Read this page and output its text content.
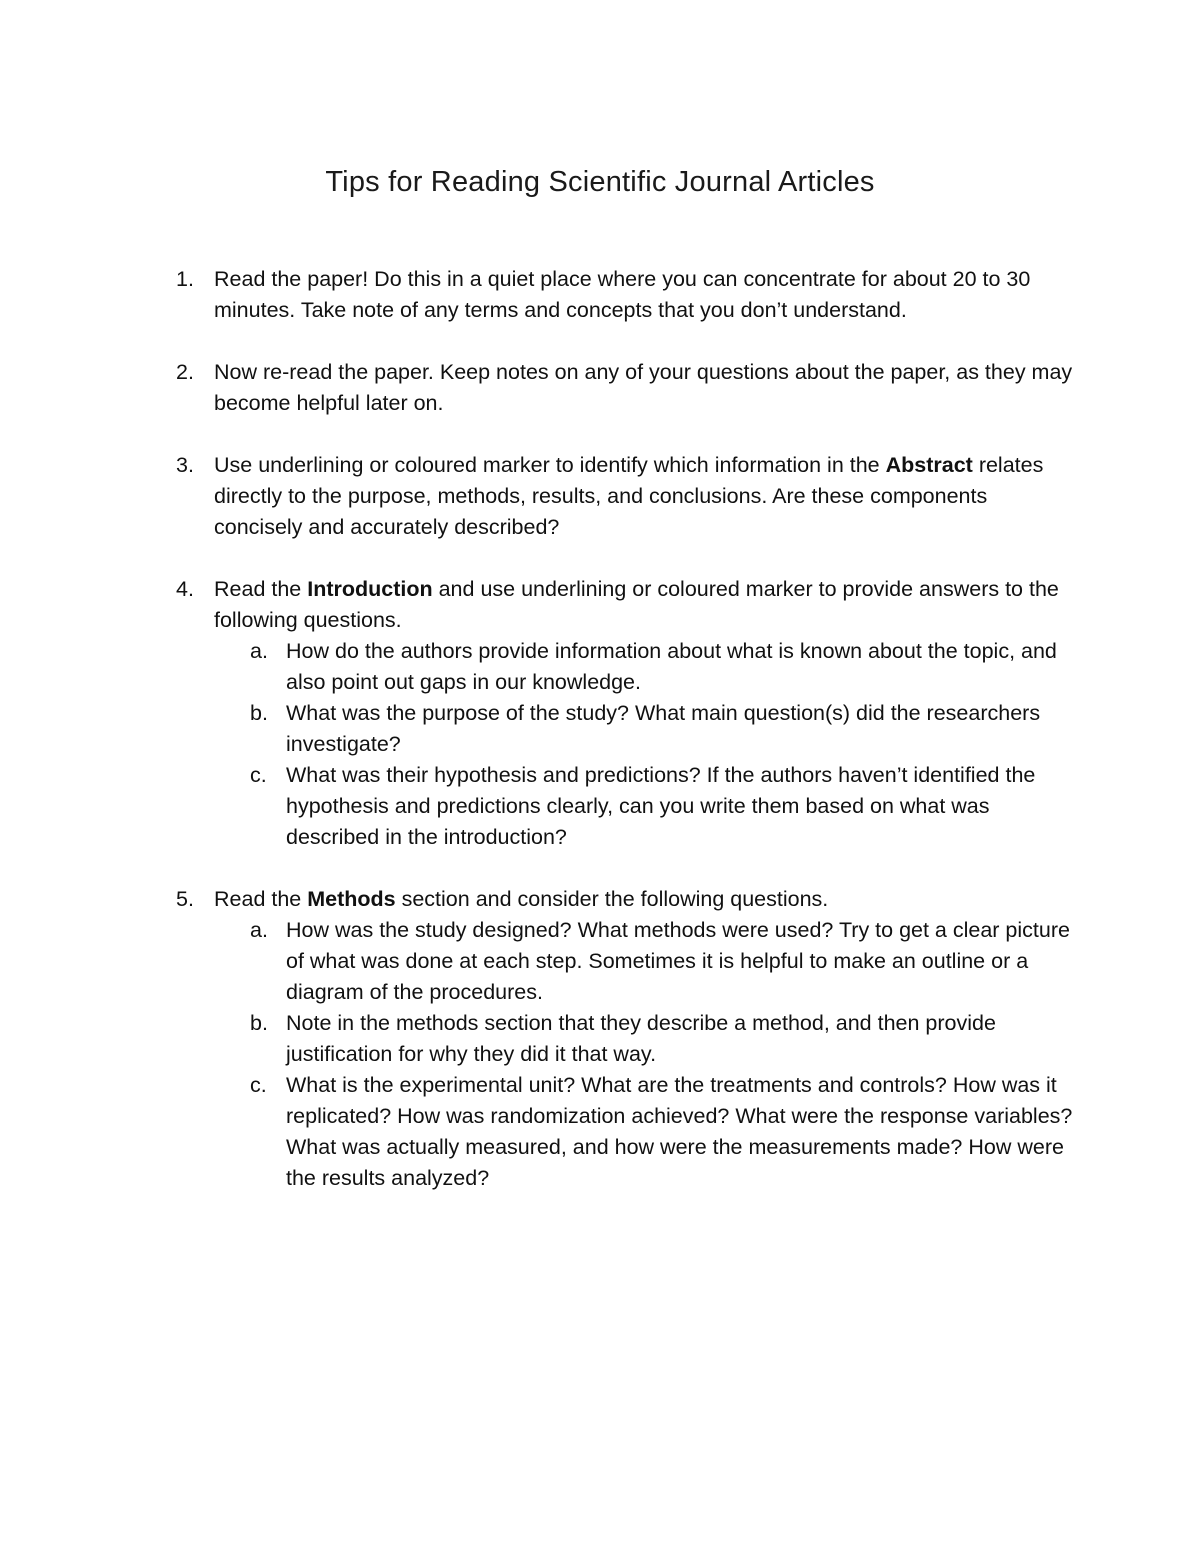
Tips for Reading Scientific Journal Articles
1. Read the paper! Do this in a quiet place where you can concentrate for about 20 to 30 minutes. Take note of any terms and concepts that you don’t understand.
2. Now re-read the paper. Keep notes on any of your questions about the paper, as they may become helpful later on.
3. Use underlining or coloured marker to identify which information in the Abstract relates directly to the purpose, methods, results, and conclusions. Are these components concisely and accurately described?
4. Read the Introduction and use underlining or coloured marker to provide answers to the following questions.
a. How do the authors provide information about what is known about the topic, and also point out gaps in our knowledge.
b. What was the purpose of the study? What main question(s) did the researchers investigate?
c. What was their hypothesis and predictions? If the authors haven’t identified the hypothesis and predictions clearly, can you write them based on what was described in the introduction?
5. Read the Methods section and consider the following questions.
a. How was the study designed? What methods were used? Try to get a clear picture of what was done at each step. Sometimes it is helpful to make an outline or a diagram of the procedures.
b. Note in the methods section that they describe a method, and then provide justification for why they did it that way.
c. What is the experimental unit? What are the treatments and controls? How was it replicated? How was randomization achieved? What were the response variables? What was actually measured, and how were the measurements made? How were the results analyzed?
